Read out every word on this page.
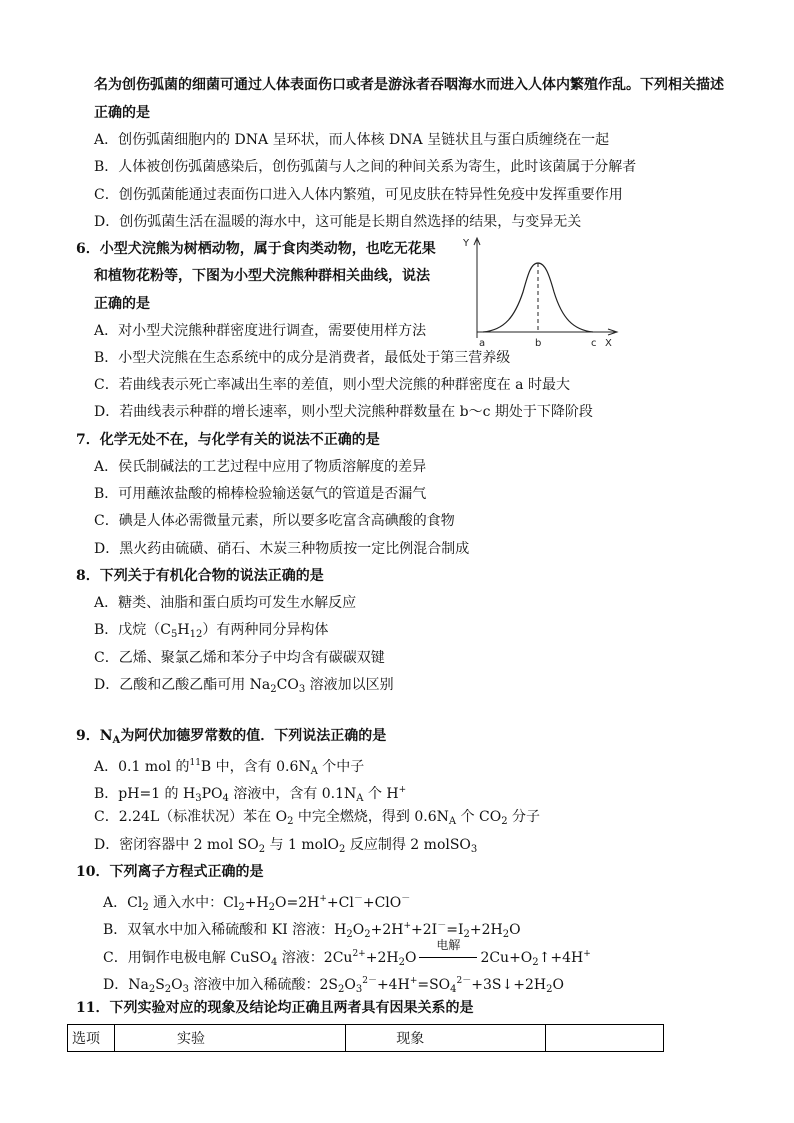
名为创伤弧菌的细菌可通过人体表面伤口或者是游泳者吞咽海水而进入人体内繁殖作乱。下列相关描述
正确的是
A．创伤弧菌细胞内的 DNA 呈环状，而人体核 DNA 呈链状且与蛋白质缠绕在一起
B．人体被创伤弧菌感染后，创伤弧菌与人之间的种间关系为寄生，此时该菌属于分解者
C．创伤弧菌能通过表面伤口进入人体内繁殖，可见皮肤在特异性免疫中发挥重要作用
D．创伤弧菌生活在温暖的海水中，这可能是长期自然选择的结果，与变异无关
6．小型犬浣熊为树栖动物，属于食肉类动物，也吃无花果
和植物花粉等，下图为小型犬浣熊种群相关曲线，说法
正确的是
A．对小型犬浣熊种群密度进行调查，需要使用样方法
B．小型犬浣熊在生态系统中的成分是消费者，最低处于第三营养级
C．若曲线表示死亡率减出生率的差值，则小型犬浣熊的种群密度在 a 时最大
D．若曲线表示种群的增长速率，则小型犬浣熊种群数量在 b～c 期处于下降阶段
Y
X
a	b	c
7．化学无处不在，与化学有关的说法不正确的是
A．侯氏制碱法的工艺过程中应用了物质溶解度的差异
B．可用蘸浓盐酸的棉棒检验输送氨气的管道是否漏气
C．碘是人体必需微量元素，所以要多吃富含高碘酸的食物
D．黑火药由硫磺、硝石、木炭三种物质按一定比例混合制成
8．下列关于有机化合物的说法正确的是
A．糖类、油脂和蛋白质均可发生水解反应
B．戊烷$(C_5H_{12})$有两种同分异构体
C．乙烯、聚氯乙烯和苯分子中均含有碳碳双键
D．乙酸和乙酸乙酯可用 $Na_2CO_3$ 溶液加以区别
9．$N_A$为阿伏加德罗常数的值．下列说法正确的是
A．0.1 mol 的$^{11}$B 中，含有 $0.6N_A$ 个中子
B．pH=1 的 $H_3PO_4$ 溶液中，含有 $0.1N_A$ 个 H+
C．2.24L（标准状况）苯在 $O_2$ 中完全燃烧，得到 $0.6N_A$ 个 $CO_2$ 分子
D．密闭容器中 2 mol $SO_2$ 与 1 molO$_2$ 反应制得 2 molSO$_3$
10．下列离子方程式正确的是
A．$Cl_2$ 通入水中：$Cl_2+H_2O=2H^++Cl^-+ClO^-$
B．双氧水中加入稀硫酸和 KI 溶液：$H_2O_2+2H^++2I^-=I_2+2H_2O$
C．用铜作电极电解 CuSO$_4$ 溶液：$2Cu^{2+}+2H_2O$
电解
$2Cu+O_2↑+4H^+$
D．$Na_2S_2O_3$ 溶液中加入稀硫酸：$2S_2O_3^{2-}+4H^+=SO_4^{2-}+3S↓+2H_2O$
11．下列实验对应的现象及结论均正确且两者具有因果关系的是
选项	实验	现象	
